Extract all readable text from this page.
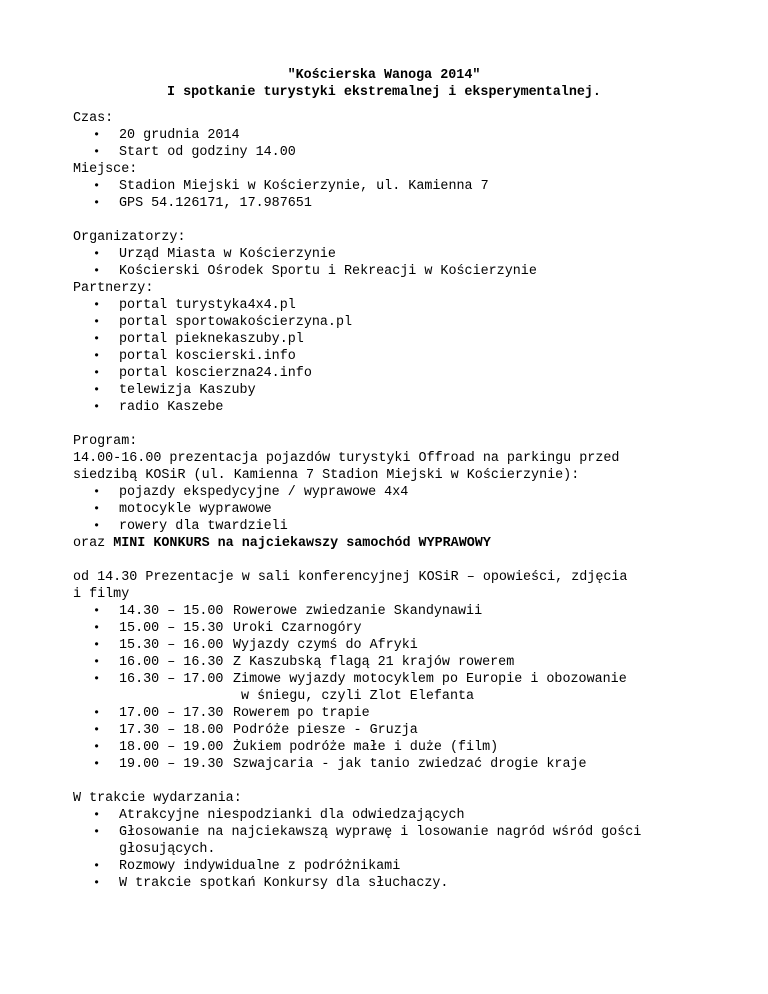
"Kościerska Wanoga 2014"
I spotkanie turystyki ekstremalnej i eksperymentalnej.
Czas:
• 20 grudnia 2014
• Start od godziny 14.00
Miejsce:
• Stadion Miejski w Kościerzynie, ul. Kamienna 7
• GPS 54.126171, 17.987651
Organizatorzy:
• Urząd Miasta w Kościerzynie
• Kościerski Ośrodek Sportu i Rekreacji w Kościerzynie
Partnerzy:
• portal turystyka4x4.pl
• portal sportowakościerzyna.pl
• portal pieknekaszuby.pl
• portal koscierski.info
• portal koscierzna24.info
• telewizja Kaszuby
• radio Kaszebe
Program:
14.00-16.00 prezentacja pojazdów turystyki Offroad na parkingu przed
siedzibą KOSiR (ul. Kamienna 7 Stadion Miejski w Kościerzynie):
• pojazdy ekspedycyjne / wyprawowe 4x4
• motocykle wyprawowe
• rowery dla twardzieli
oraz MINI KONKURS na najciekawszy samochód WYPRAWOWY
od 14.30 Prezentacje w sali konferencyjnej KOSiR – opowieści, zdjęcia
i filmy
• 14.30 – 15.00 Rowerowe zwiedzanie Skandynawii
• 15.00 – 15.30 Uroki Czarnogóry
• 15.30 – 16.00 Wyjazdy czymś do Afryki
• 16.00 – 16.30 Z Kaszubską flagą 21 krajów rowerem
• 16.30 – 17.00 Zimowe wyjazdy motocyklem po Europie i obozowanie
w śniegu, czyli Zlot Elefanta
• 17.00 – 17.30 Rowerem po trapie
• 17.30 – 18.00 Podróże piesze - Gruzja
• 18.00 – 19.00 Żukiem podróże małe i duże (film)
• 19.00 – 19.30 Szwajcaria - jak tanio zwiedzać drogie kraje
W trakcie wydarzania:
• Atrakcyjne niespodzianki dla odwiedzających
• Głosowanie na najciekawszą wyprawę i losowanie nagród wśród gości
głosujących.
• Rozmowy indywidualne z podróżnikami
• W trakcie spotkań Konkursy dla słuchaczy.
